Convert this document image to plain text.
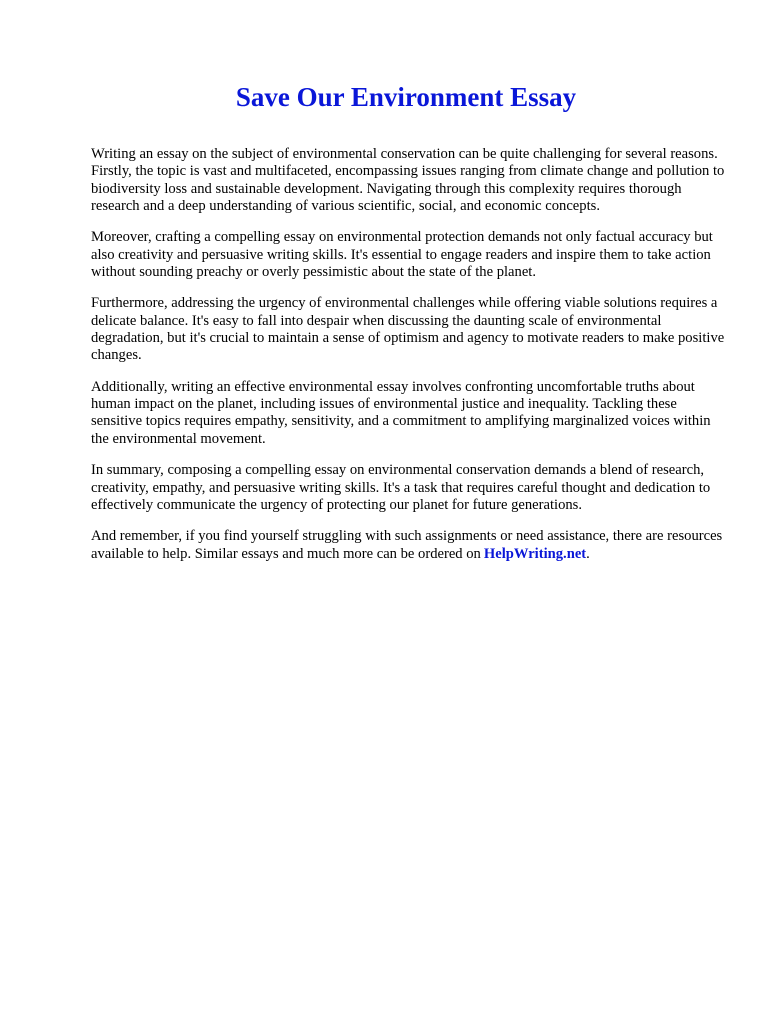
Save Our Environment Essay

Writing an essay on the subject of environmental conservation can be quite challenging for several reasons. Firstly, the topic is vast and multifaceted, encompassing issues ranging from climate change and pollution to biodiversity loss and sustainable development. Navigating through this complexity requires thorough research and a deep understanding of various scientific, social, and economic concepts.

Moreover, crafting a compelling essay on environmental protection demands not only factual accuracy but also creativity and persuasive writing skills. It's essential to engage readers and inspire them to take action without sounding preachy or overly pessimistic about the state of the planet.

Furthermore, addressing the urgency of environmental challenges while offering viable solutions requires a delicate balance. It's easy to fall into despair when discussing the daunting scale of environmental degradation, but it's crucial to maintain a sense of optimism and agency to motivate readers to make positive changes.

Additionally, writing an effective environmental essay involves confronting uncomfortable truths about human impact on the planet, including issues of environmental justice and inequality. Tackling these sensitive topics requires empathy, sensitivity, and a commitment to amplifying marginalized voices within the environmental movement.

In summary, composing a compelling essay on environmental conservation demands a blend of research, creativity, empathy, and persuasive writing skills. It's a task that requires careful thought and dedication to effectively communicate the urgency of protecting our planet for future generations.

And remember, if you find yourself struggling with such assignments or need assistance, there are resources available to help. Similar essays and much more can be ordered on HelpWriting.net.
